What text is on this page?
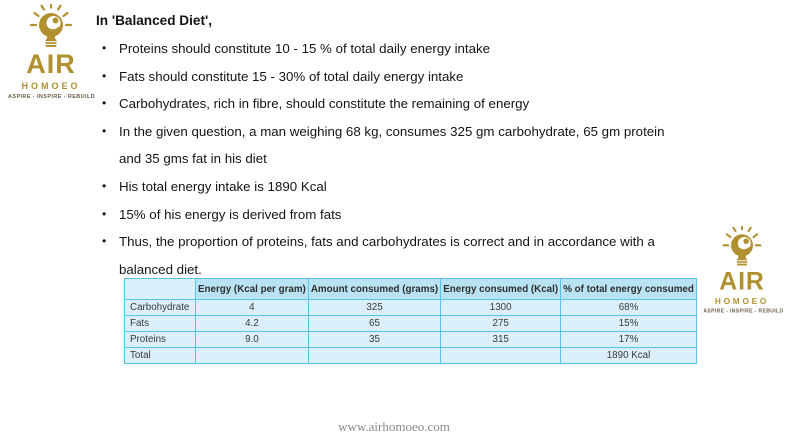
AIR
HOMOEO
ASPIRE - INSPIRE - REBUILD
In 'Balanced Diet',
• Proteins should constitute 10 - 15 % of total daily energy intake
• Fats should constitute 15 - 30% of total daily energy intake
• Carbohydrates, rich in fibre, should constitute the remaining of energy
• In the given question, a man weighing 68 kg, consumes 325 gm carbohydrate, 65 gm protein and 35 gms fat in his diet
• His total energy intake is 1890 Kcal
• 15% of his energy is derived from fats
• Thus, the proportion of proteins, fats and carbohydrates is correct and in accordance with a balanced diet.
	Energy (Kcal per gram)	Amount consumed (grams)	Energy consumed (Kcal)	% of total energy consumed
Carbohydrate	4	325	1300	68%
Fats	4.2	65	275	15%
Proteins	9.0	35	315	17%
Total				1890 Kcal
AIR
HOMOEO
ASPIRE - INSPIRE - REBUILD
www.airhomoeo.com
